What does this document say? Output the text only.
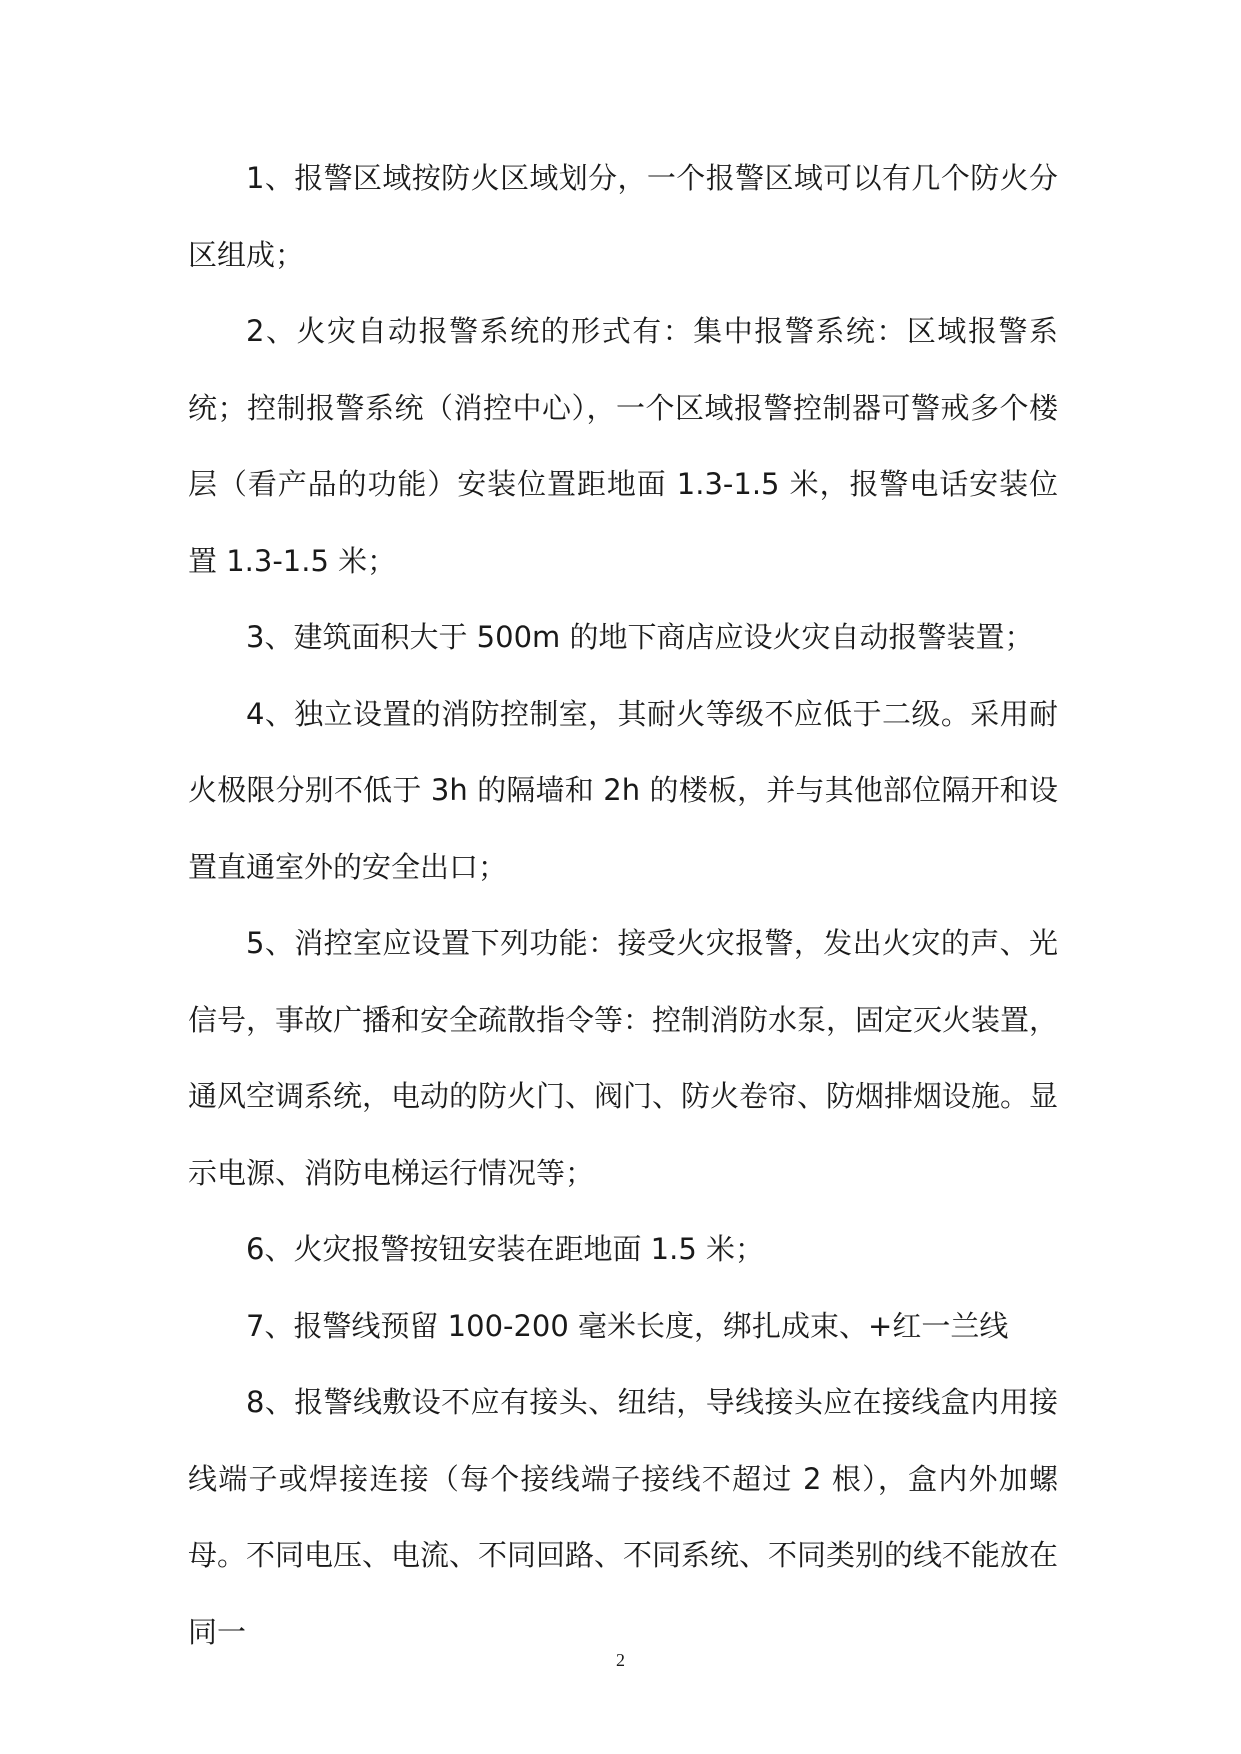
1、报警区域按防火区域划分，一个报警区域可以有几个防火分区组成；

2、火灾自动报警系统的形式有：集中报警系统：区域报警系统；控制报警系统（消控中心），一个区域报警控制器可警戒多个楼层（看产品的功能）安装位置距地面 1.3-1.5 米，报警电话安装位置 1.3-1.5 米；

3、建筑面积大于 500m 的地下商店应设火灾自动报警装置；

4、独立设置的消防控制室，其耐火等级不应低于二级。采用耐火极限分别不低于 3h 的隔墙和 2h 的楼板，并与其他部位隔开和设置直通室外的安全出口；

5、消控室应设置下列功能：接受火灾报警，发出火灾的声、光信号，事故广播和安全疏散指令等：控制消防水泵，固定灭火装置，通风空调系统，电动的防火门、阀门、防火卷帘、防烟排烟设施。显示电源、消防电梯运行情况等；

6、火灾报警按钮安装在距地面 1.5 米；

7、报警线预留 100-200 毫米长度，绑扎成束、+红一兰线

8、报警线敷设不应有接头、纽结，导线接头应在接线盒内用接线端子或焊接连接（每个接线端子接线不超过 2 根），盒内外加螺母。不同电压、电流、不同回路、不同系统、不同类别的线不能放在同一

2
